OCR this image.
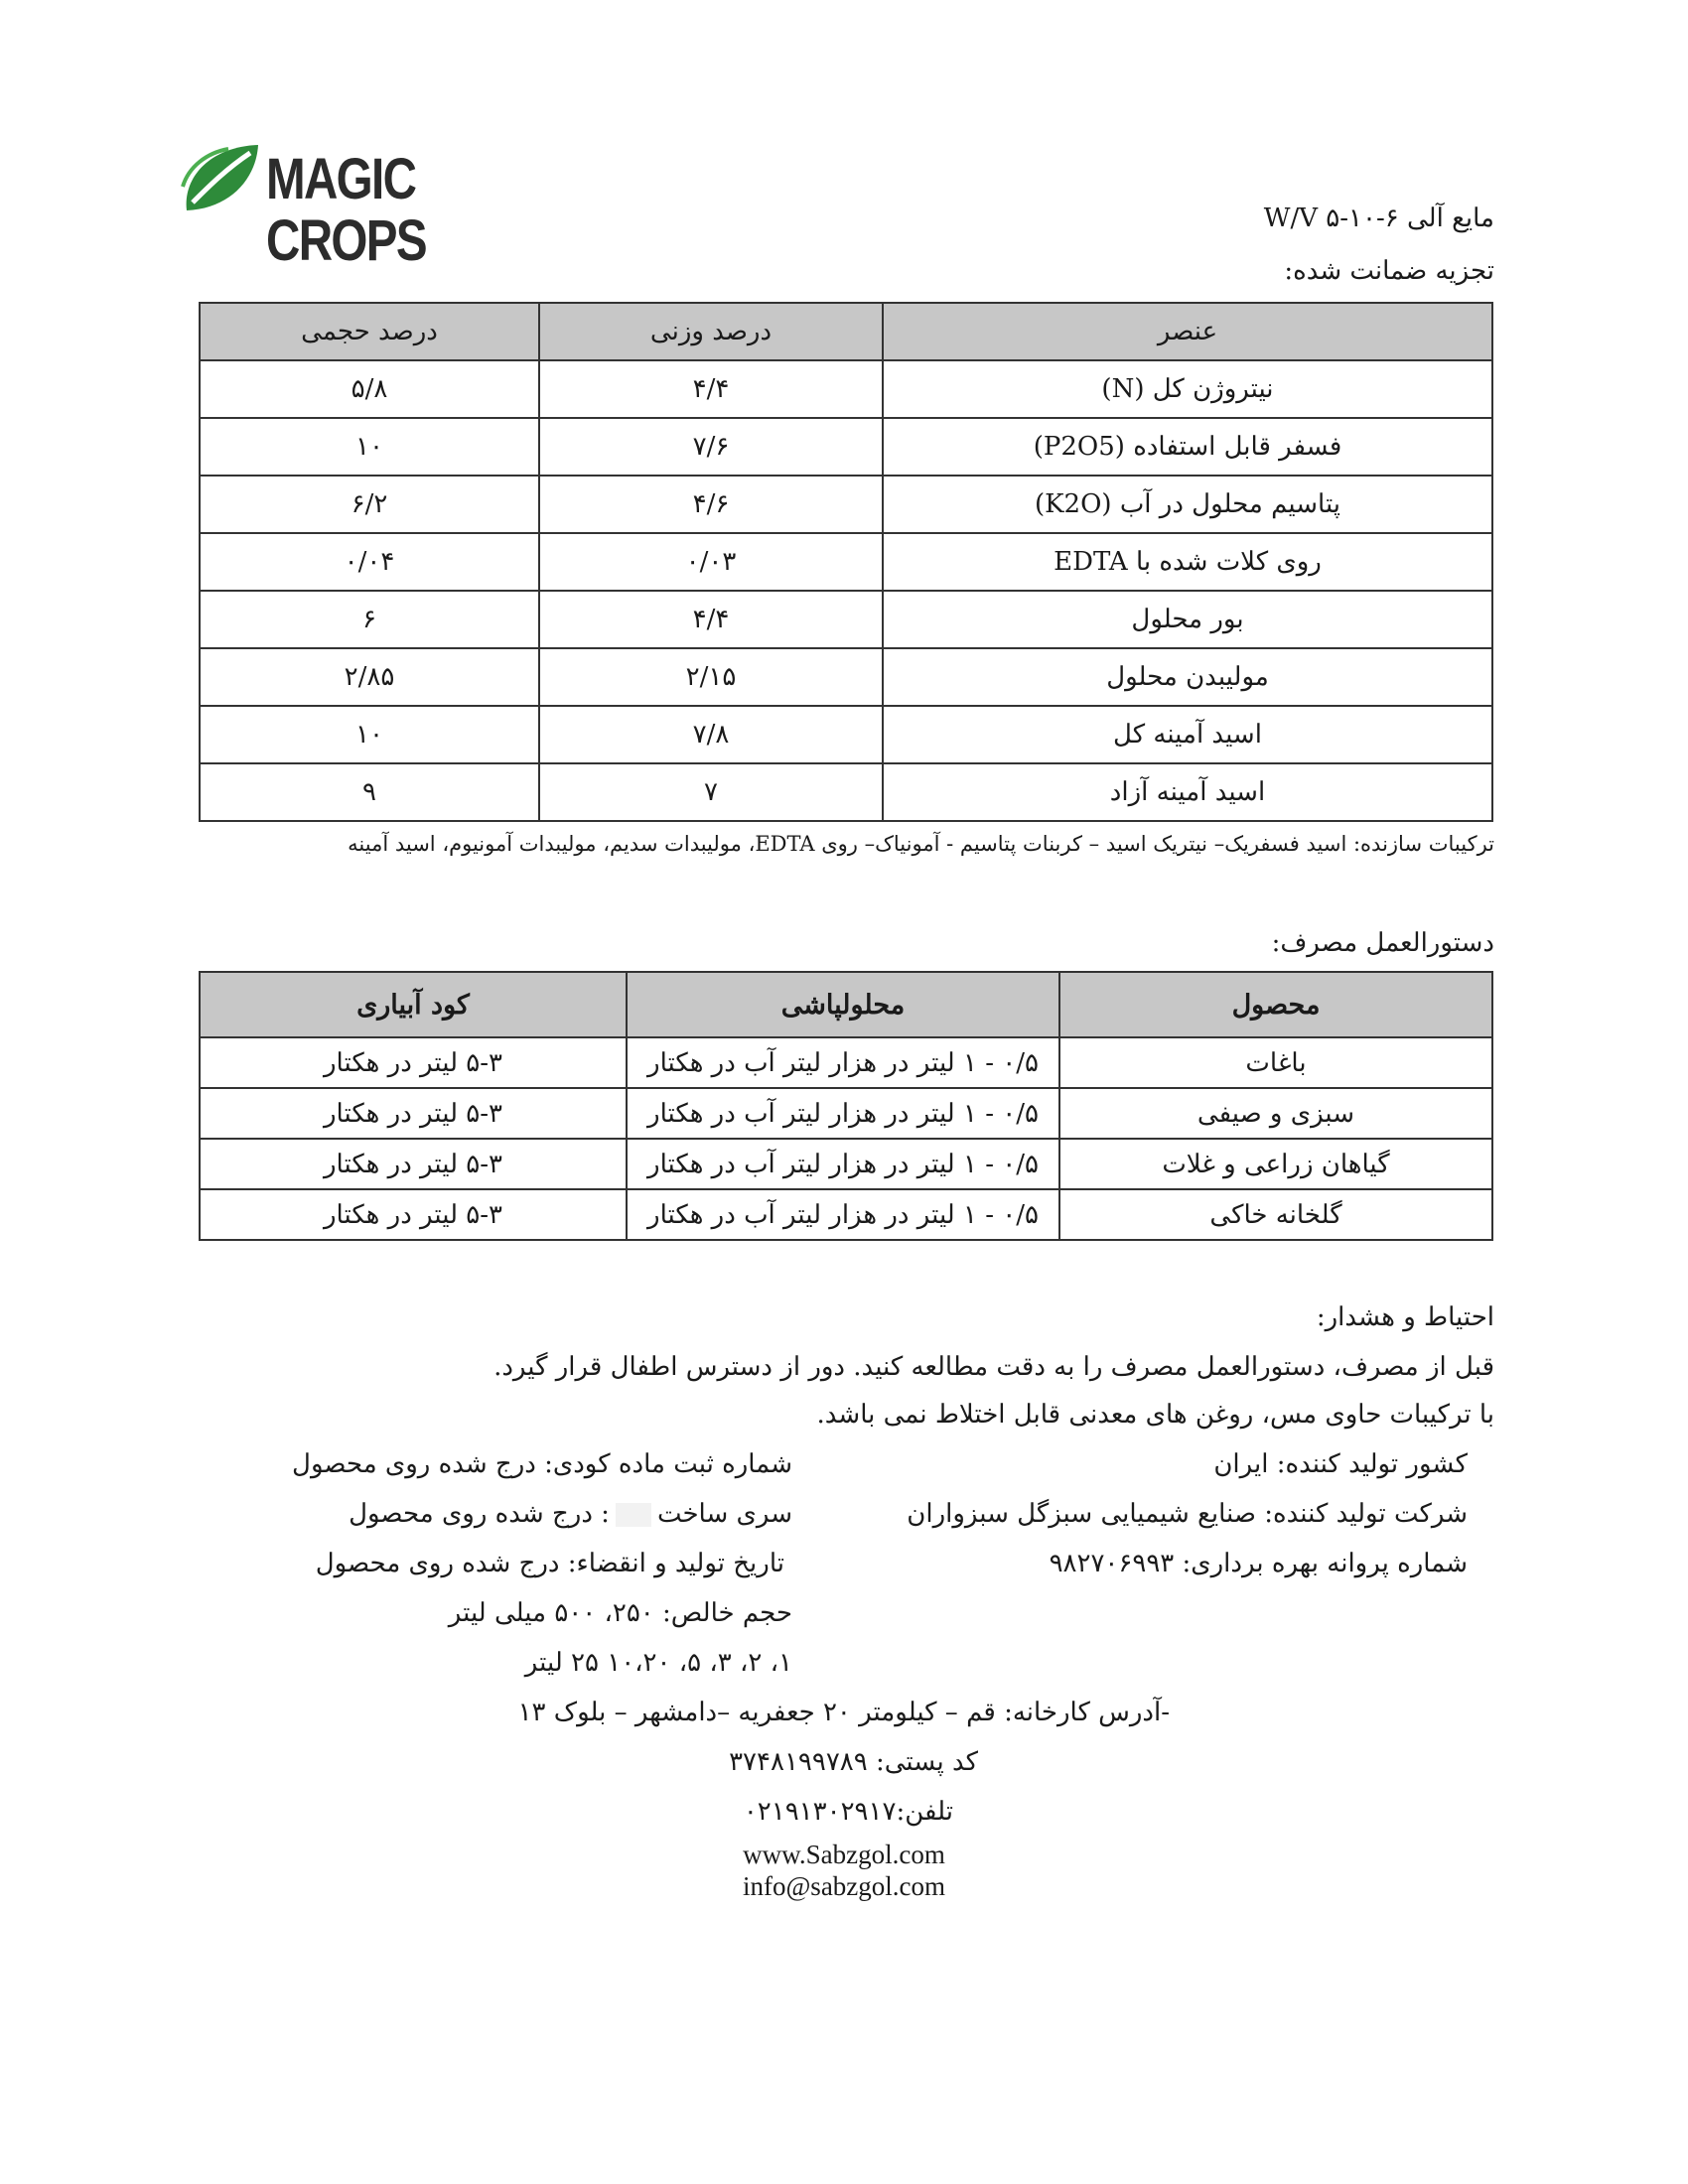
MAGIC CROPS	مایع آلی ۶-۱۰-۵ W/V
تجزیه ضمانت شده:
عنصر	درصد وزنی	درصد حجمی
نیتروژن کل (N)	۴/۴	۵/۸
فسفر قابل استفاده (P2O5)	۷/۶	۱۰
پتاسیم محلول در آب (K2O)	۴/۶	۶/۲
روی کلات شده با EDTA	۰/۰۳	۰/۰۴
بور محلول	۴/۴	۶
مولیبدن محلول	۲/۱۵	۲/۸۵
اسید آمینه کل	۷/۸	۱۰
اسید آمینه آزاد	۷	۹
ترکیبات سازنده: اسید فسفریک– نیتریک اسید – کربنات پتاسیم - آمونیاک– روی EDTA، مولیبدات سدیم، مولیبدات آمونیوم، اسید آمینه
دستورالعمل مصرف:
محصول	محلولپاشی	کود آبیاری
باغات	۰/۵ - ۱ لیتر در هزار لیتر آب در هکتار	۵-۳ لیتر در هکتار
سبزی و صیفی	۰/۵ - ۱ لیتر در هزار لیتر آب در هکتار	۵-۳ لیتر در هکتار
گیاهان زراعی و غلات	۰/۵ - ۱ لیتر در هزار لیتر آب در هکتار	۵-۳ لیتر در هکتار
گلخانه خاکی	۰/۵ - ۱ لیتر در هزار لیتر آب در هکتار	۵-۳ لیتر در هکتار
احتیاط و هشدار:
قبل از مصرف، دستورالعمل مصرف را به دقت مطالعه کنید. دور از دسترس اطفال قرار گیرد.
با ترکیبات حاوی مس، روغن های معدنی قابل اختلاط نمی باشد.
کشور تولید کننده: ایران
شرکت تولید کننده: صنایع شیمیایی سبزگل سبزواران
شماره پروانه بهره برداری: ۹۸۲۷۰۶۹۹۳
شماره ثبت ماده کودی: درج شده روی محصول
سری ساخت: درج شده روی محصول
تاریخ تولید و انقضاء: درج شده روی محصول
حجم خالص: ۲۵۰، ۵۰۰ میلی لیتر
۱، ۲، ۳، ۵، ۱۰،۲۰ ۲۵ لیتر
-آدرس کارخانه: قم – کیلومتر ۲۰ جعفریه –دامشهر – بلوک ۱۳
کد پستی: ۳۷۴۸۱۹۹۷۸۹
تلفن:۰۲۱۹۱۳۰۲۹۱۷
www.Sabzgol.com
info@sabzgol.com
